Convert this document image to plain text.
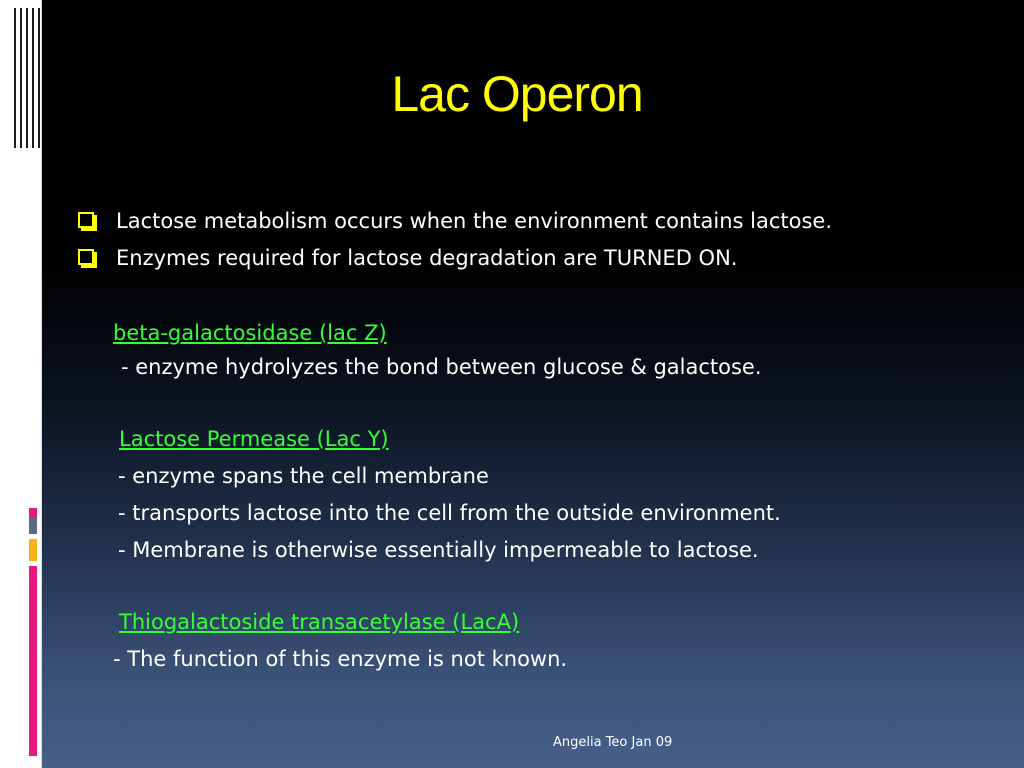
Lac Operon
Lactose metabolism occurs when the environment contains lactose.
Enzymes required for lactose degradation are TURNED ON.
beta-galactosidase (lac Z)
- enzyme hydrolyzes the bond between glucose & galactose.
Lactose Permease (Lac Y)
- enzyme spans the cell membrane
- transports lactose into the cell from the outside environment.
- Membrane is otherwise essentially impermeable to lactose.
Thiogalactoside transacetylase (LacA)
- The function of this enzyme is not known.
Angelia Teo Jan 09
